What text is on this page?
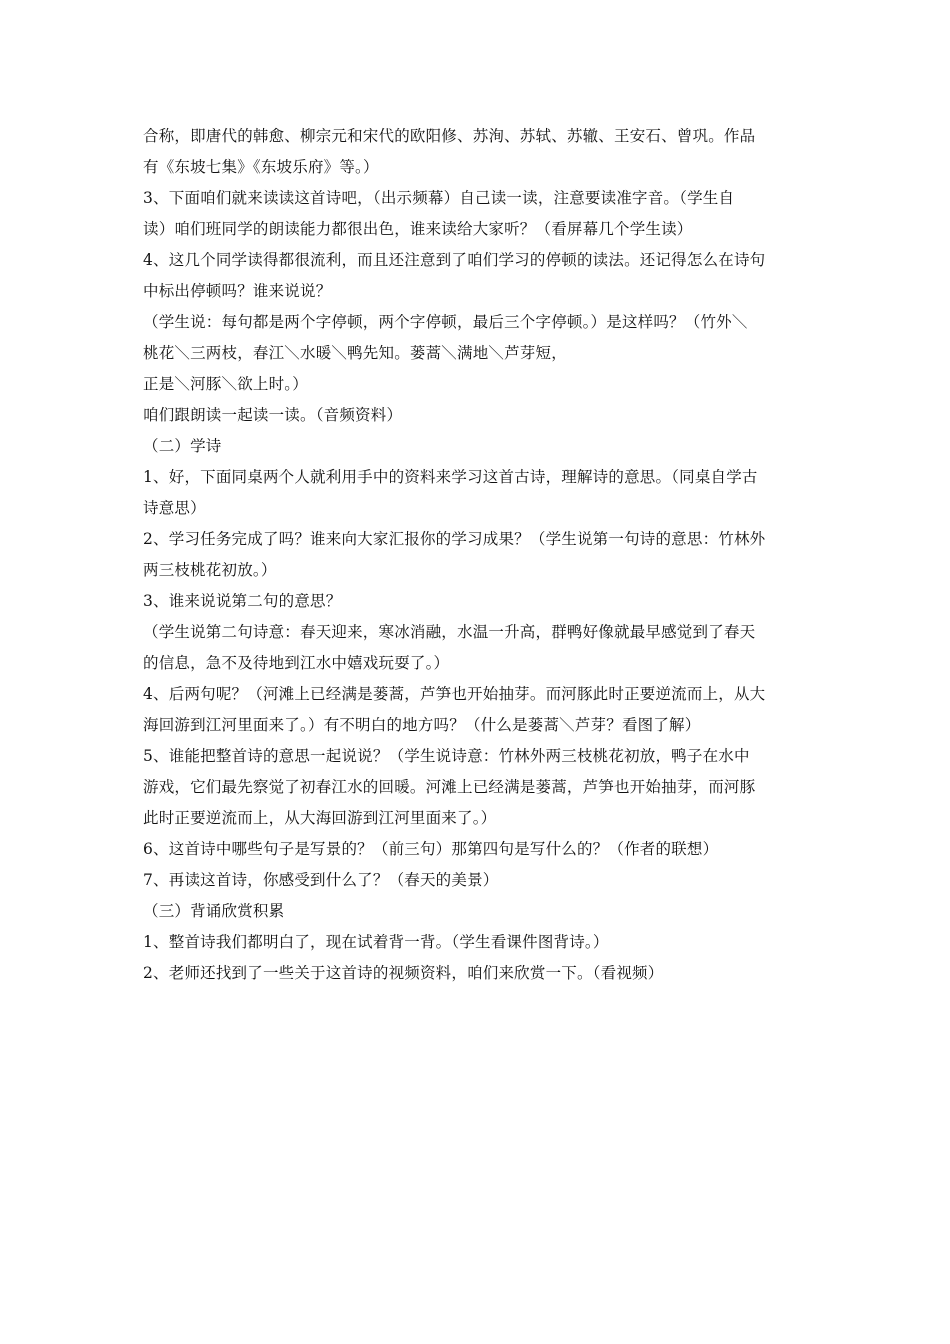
合称，即唐代的韩愈、柳宗元和宋代的欧阳修、苏洵、苏轼、苏辙、王安石、曾巩。作品
有《东坡七集》《东坡乐府》等。）
3、下面咱们就来读读这首诗吧，（出示频幕）自己读一读，注意要读准字音。（学生自
读）咱们班同学的朗读能力都很出色，谁来读给大家听？（看屏幕几个学生读）
4、这几个同学读得都很流利，而且还注意到了咱们学习的停顿的读法。还记得怎么在诗句
中标出停顿吗？谁来说说？
（学生说：每句都是两个字停顿，两个字停顿，最后三个字停顿。）是这样吗？（竹外＼
桃花＼三两枝，春江＼水暖＼鸭先知。蒌蒿＼满地＼芦芽短，
正是＼河豚＼欲上时。）
咱们跟朗读一起读一读。（音频资料）
（二）学诗
1、好，下面同桌两个人就利用手中的资料来学习这首古诗，理解诗的意思。（同桌自学古
诗意思）
2、学习任务完成了吗？谁来向大家汇报你的学习成果？（学生说第一句诗的意思：竹林外
两三枝桃花初放。）
3、谁来说说第二句的意思？
（学生说第二句诗意：春天迎来，寒冰消融，水温一升高，群鸭好像就最早感觉到了春天
的信息，急不及待地到江水中嬉戏玩耍了。）
4、后两句呢？（河滩上已经满是蒌蒿，芦笋也开始抽芽。而河豚此时正要逆流而上，从大
海回游到江河里面来了。）有不明白的地方吗？（什么是蒌蒿＼芦芽？看图了解）
5、谁能把整首诗的意思一起说说？（学生说诗意：竹林外两三枝桃花初放，鸭子在水中
游戏，它们最先察觉了初春江水的回暖。河滩上已经满是蒌蒿，芦笋也开始抽芽，而河豚
此时正要逆流而上，从大海回游到江河里面来了。）
6、这首诗中哪些句子是写景的？（前三句）那第四句是写什么的？（作者的联想）
7、再读这首诗，你感受到什么了？（春天的美景）
（三）背诵欣赏积累
1、整首诗我们都明白了，现在试着背一背。（学生看课件图背诗。）
2、老师还找到了一些关于这首诗的视频资料，咱们来欣赏一下。（看视频）
